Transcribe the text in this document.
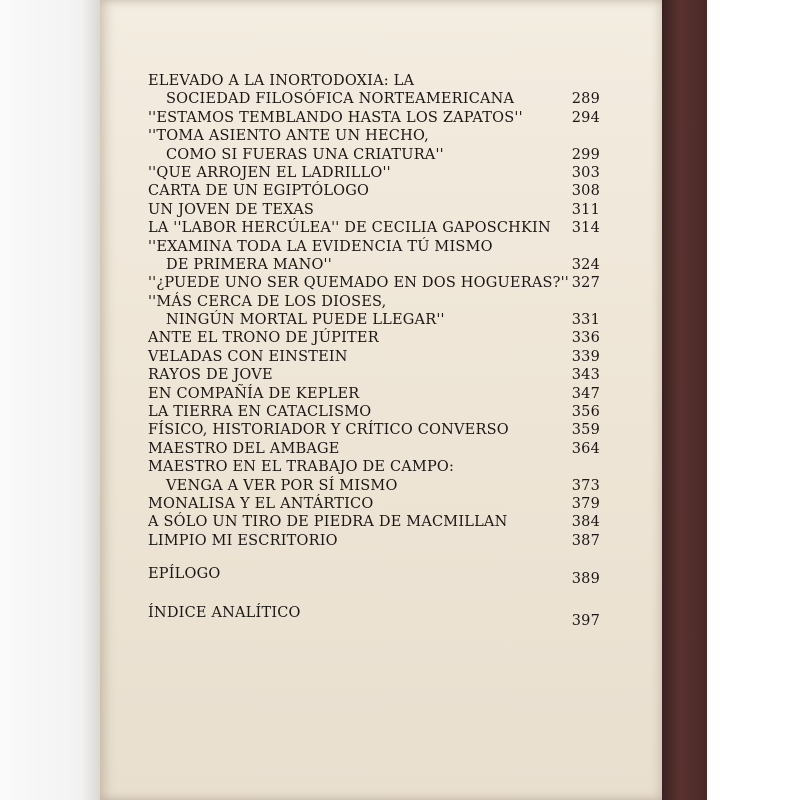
ELEVADO A LA INORTODOXIA: LA
SOCIEDAD FILOSÓFICA NORTEAMERICANA	289
''ESTAMOS TEMBLANDO HASTA LOS ZAPATOS''	294
''TOMA ASIENTO ANTE UN HECHO,
COMO SI FUERAS UNA CRIATURA''	299
''QUE ARROJEN EL LADRILLO''	303
CARTA DE UN EGIPTÓLOGO	308
UN JOVEN DE TEXAS	311
LA ''LABOR HERCÚLEA'' DE CECILIA GAPOSCHKIN	314
''EXAMINA TODA LA EVIDENCIA TÚ MISMO
DE PRIMERA MANO''	324
''¿PUEDE UNO SER QUEMADO EN DOS HOGUERAS?'' 327
''MÁS CERCA DE LOS DIOSES,
NINGÚN MORTAL PUEDE LLEGAR''	331
ANTE EL TRONO DE JÚPITER	336
VELADAS CON EINSTEIN	339
RAYOS DE JOVE	343
EN COMPAÑÍA DE KEPLER	347
LA TIERRA EN CATACLISMO	356
FÍSICO, HISTORIADOR Y CRÍTICO CONVERSO	359
MAESTRO DEL AMBAGE	364
MAESTRO EN EL TRABAJO DE CAMPO:
VENGA A VER POR SÍ MISMO	373
MONALISA Y EL ANTÁRTICO	379
A SÓLO UN TIRO DE PIEDRA DE MACMILLAN	384
LIMPIO MI ESCRITORIO	387
EPÍLOGO	389
ÍNDICE ANALÍTICO	397
